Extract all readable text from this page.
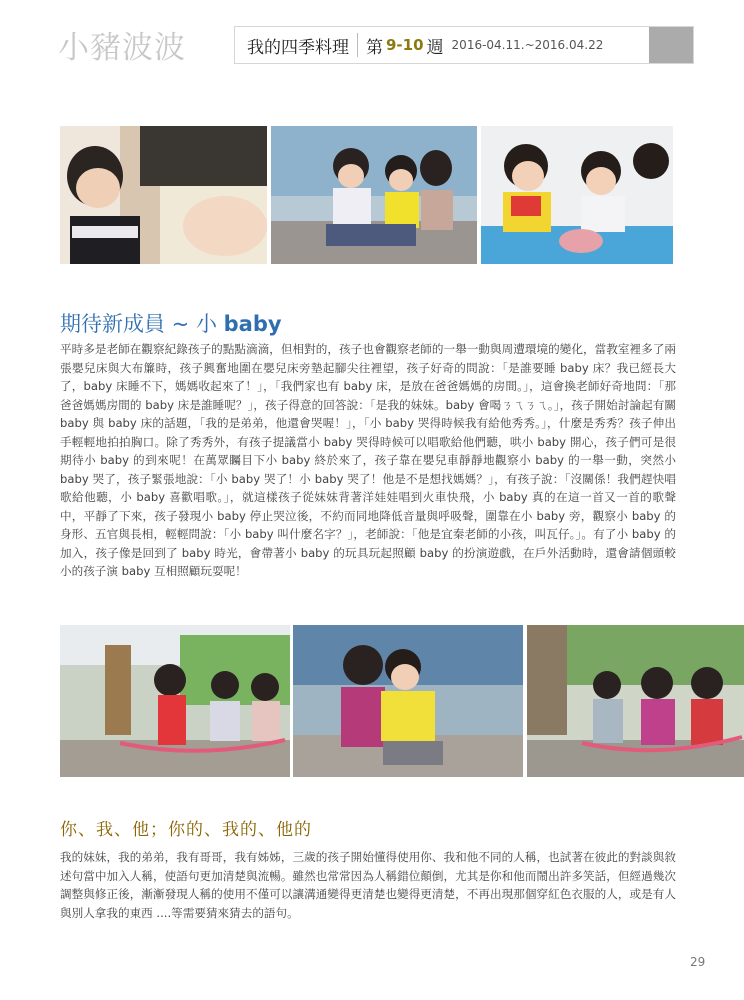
小豬波波	我的四季料理 第 9-10 週 2016-04.11.~2016.04.22
期待新成員 ~ 小 baby
平時多是老師在觀察紀錄孩子的點點滴滴，但相對的，孩子也會觀察老師的一舉一動與周遭環境的變化，當教室裡多了兩張嬰兒床與大布簾時，孩子興奮地圍在嬰兒床旁墊起腳尖往裡望，孩子好奇的問說：「是誰要睡 baby 床？我已經長大了，baby 床睡不下，媽媽收起來了！」，「我們家也有 baby 床，是放在爸爸媽媽的房間。」，這會換老師好奇地問：「那爸爸媽媽房間的 baby 床是誰睡呢？」，孩子得意的回答說：「是我的妹妹。baby 會喝ㄋㄟㄋㄟ。」，孩子開始討論起有關 baby 與 baby 床的話題，「我的是弟弟，他還會哭喔！」，「小 baby 哭得時候我有給他秀秀。」，什麼是秀秀？孩子伸出手輕輕地拍拍胸口。除了秀秀外，有孩子提議當小 baby 哭得時候可以唱歌給他們聽，哄小 baby 開心，孩子們可是很期待小 baby 的到來呢！在萬眾矚目下小 baby 終於來了，孩子靠在嬰兒車靜靜地觀察小 baby 的一舉一動，突然小 baby 哭了，孩子緊張地說：「小 baby 哭了！小 baby 哭了！他是不是想找媽媽？」，有孩子說：「沒關係！我們趕快唱歌給他聽，小 baby 喜歡唱歌。」，就這樣孩子從妹妹背著洋娃娃唱到火車快飛，小 baby 真的在這一首又一首的歌聲中，平靜了下來，孩子發現小 baby 停止哭泣後，不約而同地降低音量與呼吸聲，圍靠在小 baby 旁，觀察小 baby 的身形、五官與長相，輕輕問說：「小 baby 叫什麼名字？」，老師說：「他是宜秦老師的小孩，叫瓦仔。」。有了小 baby 的加入，孩子像是回到了 baby 時光，會帶著小 baby 的玩具玩起照顧 baby 的扮演遊戲，在戶外活動時，還會請個頭較小的孩子演 baby 互相照顧玩耍呢！
你、我、他；你的、我的、他的
我的妹妹，我的弟弟，我有哥哥，我有姊姊，三歲的孩子開始懂得使用你、我和他不同的人稱，也試著在彼此的對談與敘述句當中加入人稱，使語句更加清楚與流暢。雖然也常常因為人稱錯位顛倒，尤其是你和他而鬧出許多笑話，但經過幾次調整與修正後，漸漸發現人稱的使用不僅可以讓溝通變得更清楚也變得更清楚，不再出現那個穿紅色衣服的人，或是有人與別人拿我的東西 ....等需要猜來猜去的語句。
29
